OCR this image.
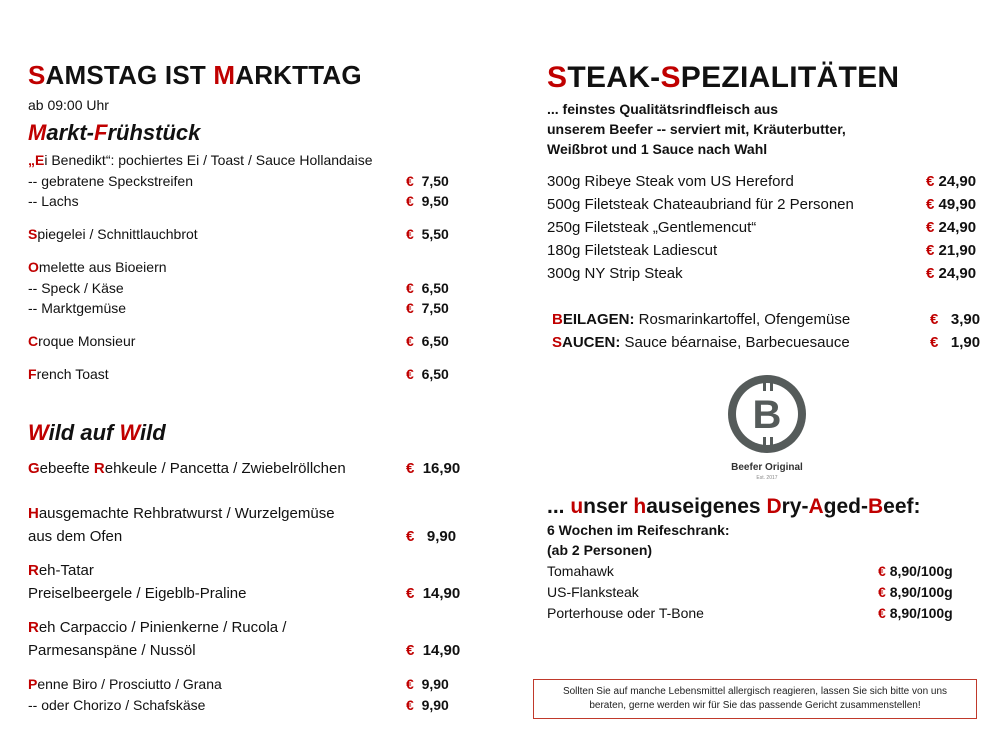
SAMSTAG IST MARKTTAG
ab 09:00 Uhr
Markt-Frühstück
„Ei Benedikt“: pochiertes Ei / Toast / Sauce Hollandaise
-- gebratene Speckstreifen	€ 7,50
-- Lachs	€ 9,50
Spiegelei / Schnittlauchbrot	€ 5,50
Omelette aus Bioeiern
-- Speck / Käse	€ 6,50
-- Marktgemüse	€ 7,50
Croque Monsieur	€ 6,50
French Toast	€ 6,50
Wild auf Wild
Gebeefte Rehkeule / Pancetta / Zwiebelröllchen	€ 16,90
Hausgemachte Rehbratwurst / Wurzelgemüse
aus dem Ofen	€ 9,90
Reh-Tatar
Preiselbeergele / Eigeblb-Praline	€ 14,90
Reh Carpaccio / Pinienkerne / Rucola /
Parmesanspäne / Nussöl	€ 14,90
Penne Biro / Prosciutto / Grana	€ 9,90
-- oder Chorizo / Schafskäse	€ 9,90
STEAK-SPEZIALITÄTEN
... feinstes Qualitätsrindfleisch aus
unserem Beefer -- serviert mit, Kräuterbutter,
Weißbrot und 1 Sauce nach Wahl
300g Ribeye Steak vom US Hereford	€ 24,90
500g Filetsteak Chateaubriand für 2 Personen	€ 49,90
250g Filetsteak „Gentlemencut“	€ 24,90
180g Filetsteak Ladiescut	€ 21,90
300g NY Strip Steak	€ 24,90
BEILAGEN: Rosmarinkartoffel, Ofengemüse	€ 3,90
SAUCEN: Sauce béarnaise, Barbecuesauce	€ 1,90
B
Beefer Original
Est. 2017
... unser hauseigenes Dry-Aged-Beef:
6 Wochen im Reifeschrank:
(ab 2 Personen)
Tomahawk	€ 8,90/100g
US-Flanksteak	€ 8,90/100g
Porterhouse oder T-Bone	€ 8,90/100g
Sollten Sie auf manche Lebensmittel allergisch reagieren, lassen Sie sich bitte von uns
beraten, gerne werden wir für Sie das passende Gericht zusammenstellen!
